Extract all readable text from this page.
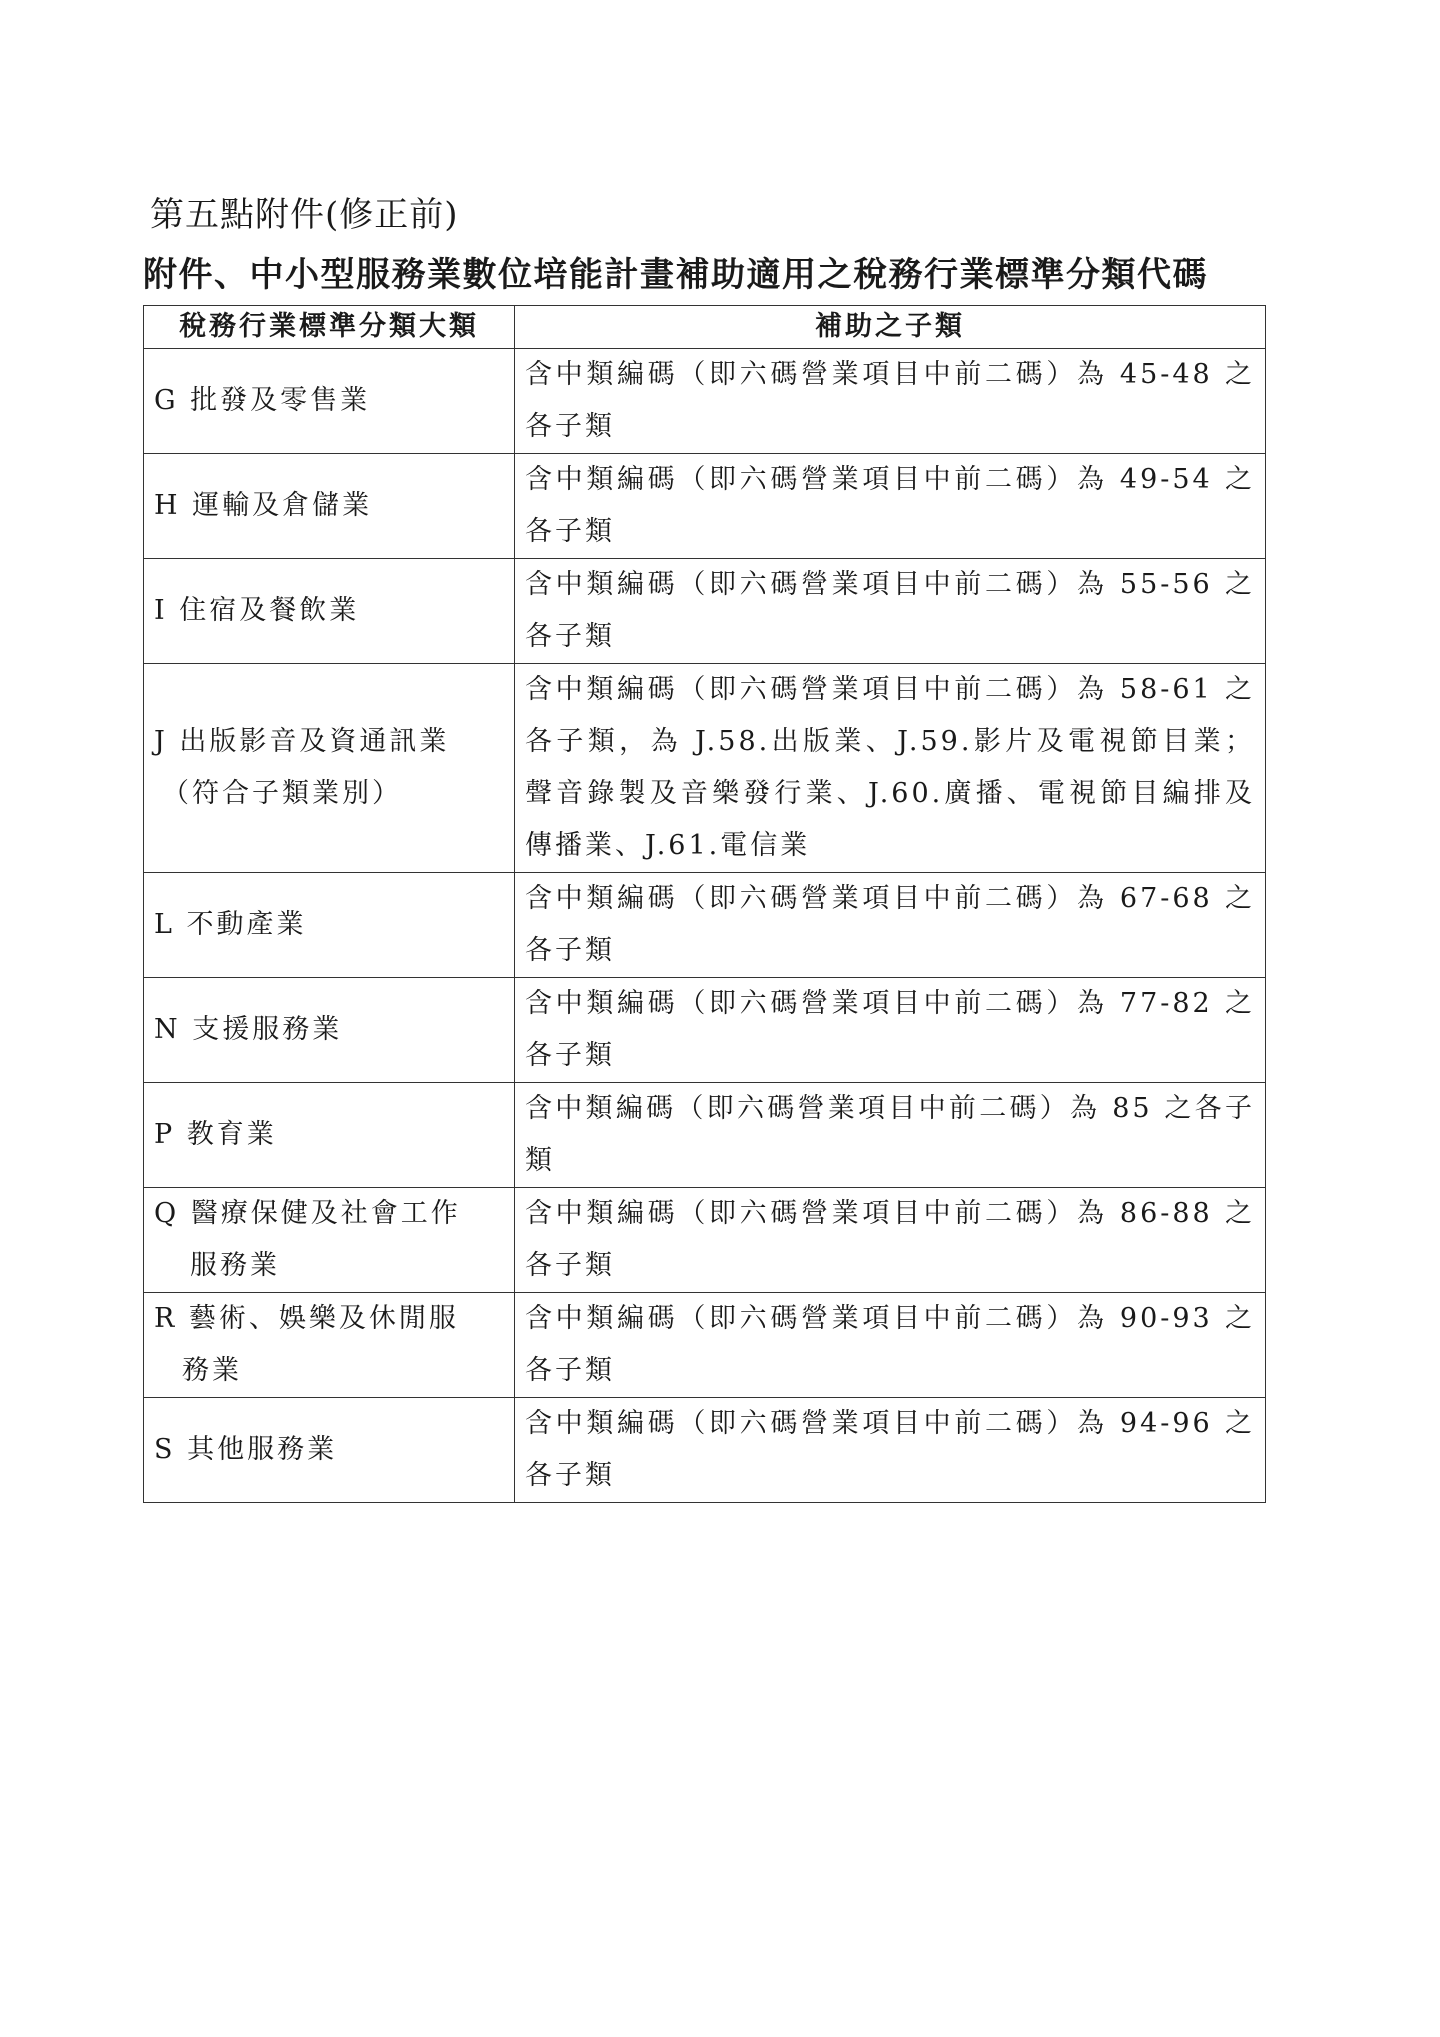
第五點附件(修正前)
附件、中小型服務業數位培能計畫補助適用之稅務行業標準分類代碼
稅務行業標準分類大類	補助之子類

G 批發及零售業	含中類編碼（即六碼營業項目中前二碼）為 45-48 之各子類

H 運輸及倉儲業	含中類編碼（即六碼營業項目中前二碼）為 49-54 之各子類

I 住宿及餐飲業	含中類編碼（即六碼營業項目中前二碼）為 55-56 之各子類

J 出版影音及資通訊業
（符合子類業別）	含中類編碼（即六碼營業項目中前二碼）為 58-61 之各子類，為 J.58.出版業、J.59.影片及電視節目業；聲音錄製及音樂發行業、J.60.廣播、電視節目編排及傳播業、J.61.電信業

L 不動產業	含中類編碼（即六碼營業項目中前二碼）為 67-68 之各子類

N 支援服務業	含中類編碼（即六碼營業項目中前二碼）為 77-82 之各子類

P 教育業	含中類編碼（即六碼營業項目中前二碼）為 85 之各子類

Q 醫療保健及社會工作
服務業	含中類編碼（即六碼營業項目中前二碼）為 86-88 之各子類

R 藝術、娛樂及休閒服
務業	含中類編碼（即六碼營業項目中前二碼）為 90-93 之各子類

S 其他服務業	含中類編碼（即六碼營業項目中前二碼）為 94-96 之各子類
